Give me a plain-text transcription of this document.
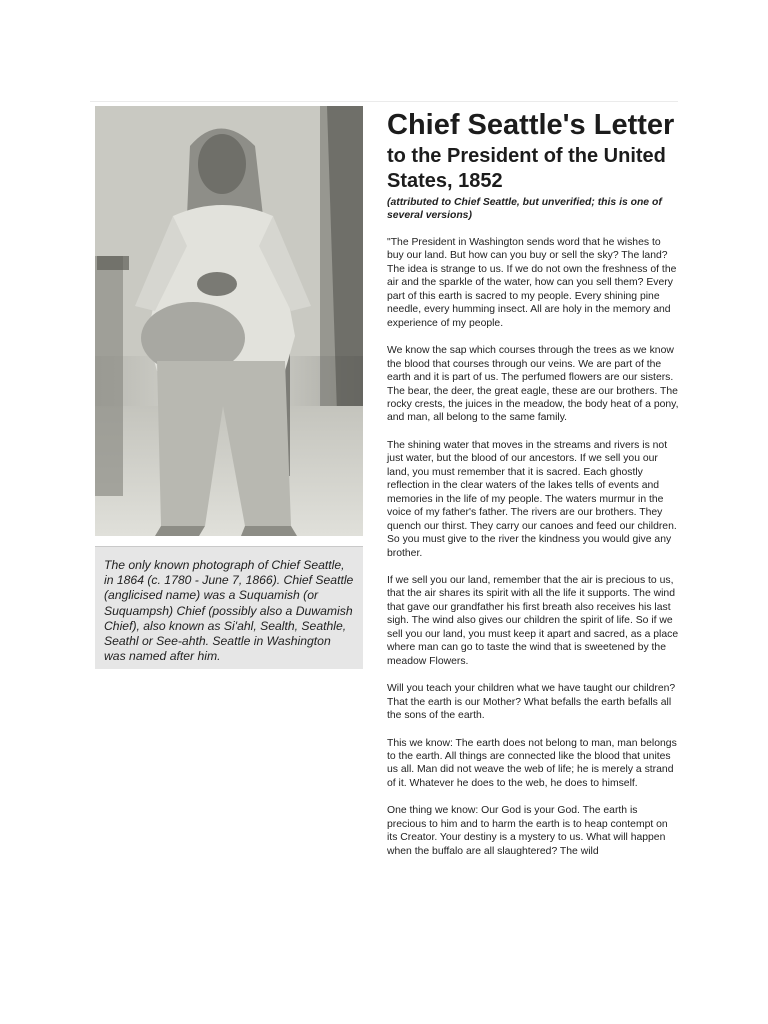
The only known photograph of Chief Seattle, in 1864 (c. 1780 - June 7, 1866). Chief Seattle (anglicised name) was a Suquamish (or Suquampsh) Chief (possibly also a Duwamish Chief), also known as Si'ahl, Sealth, Seathle, Seathl or See-ahth. Seattle in Washington was named after him.
Chief Seattle's Letter
to the President of the United States, 1852

(attributed to Chief Seattle, but unverified; this is one of several versions)

"The President in Washington sends word that he wishes to buy our land. But how can you buy or sell the sky? The land? The idea is strange to us. If we do not own the freshness of the air and the sparkle of the water, how can you sell them? Every part of this earth is sacred to my people. Every shining pine needle, every humming insect. All are holy in the memory and experience of my people.

We know the sap which courses through the trees as we know the blood that courses through our veins. We are part of the earth and it is part of us. The perfumed flowers are our sisters. The bear, the deer, the great eagle, these are our brothers. The rocky crests, the juices in the meadow, the body heat of a pony, and man, all belong to the same family.

The shining water that moves in the streams and rivers is not just water, but the blood of our ancestors. If we sell you our land, you must remember that it is sacred. Each ghostly reflection in the clear waters of the lakes tells of events and memories in the life of my people. The waters murmur in the voice of my father's father. The rivers are our brothers. They quench our thirst. They carry our canoes and feed our children. So you must give to the river the kindness you would give any brother.

If we sell you our land, remember that the air is precious to us, that the air shares its spirit with all the life it supports. The wind that gave our grandfather his first breath also receives his last sigh. The wind also gives our children the spirit of life. So if we sell you our land, you must keep it apart and sacred, as a place where man can go to taste the wind that is sweetened by the meadow Flowers.

Will you teach your children what we have taught our children? That the earth is our Mother? What befalls the earth befalls all the sons of the earth.

This we know: The earth does not belong to man, man belongs to the earth. All things are connected like the blood that unites us all. Man did not weave the web of life; he is merely a strand of it. Whatever he does to the web, he does to himself.

One thing we know: Our God is your God. The earth is precious to him and to harm the earth is to heap contempt on its Creator. Your destiny is a mystery to us. What will happen when the buffalo are all slaughtered? The wild
